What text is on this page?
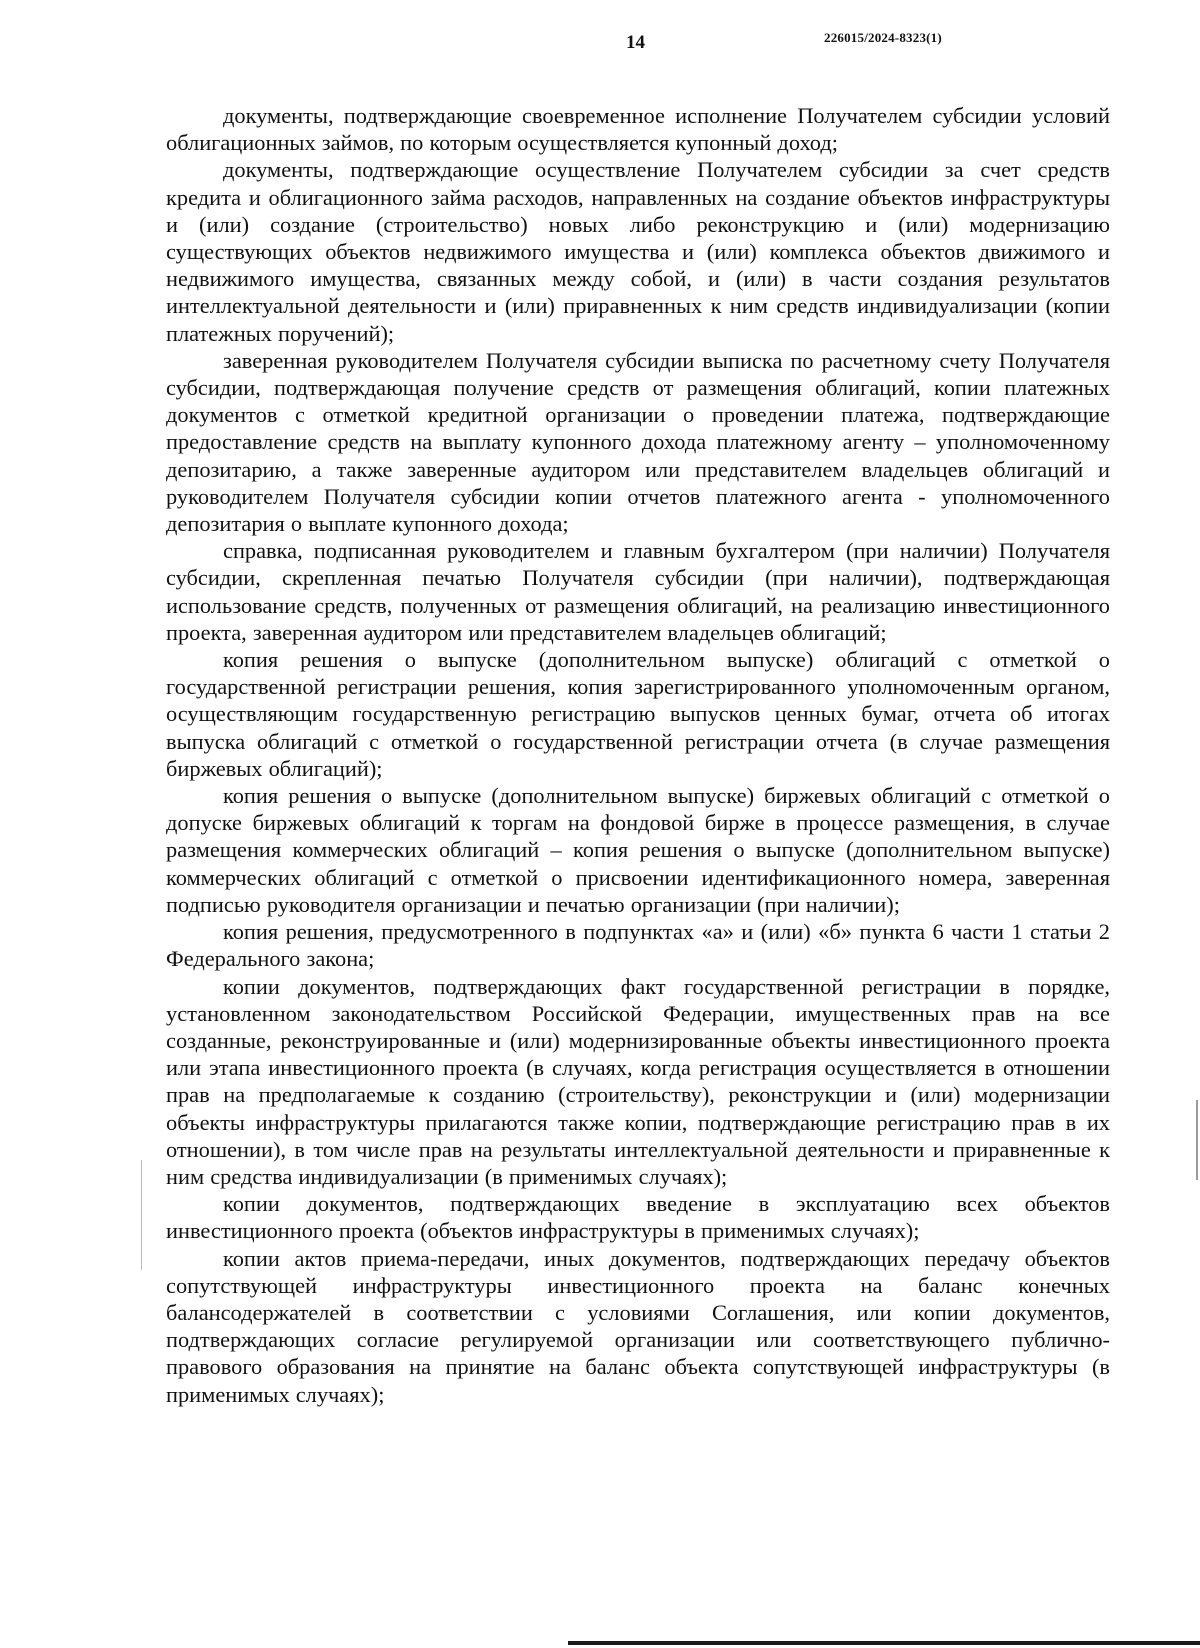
14	226015/2024-8323(1)

документы, подтверждающие своевременное исполнение Получателем субсидии условий облигационных займов, по которым осуществляется купонный доход;

документы, подтверждающие осуществление Получателем субсидии за счет средств кредита и облигационного займа расходов, направленных на создание объектов инфраструктуры и (или) создание (строительство) новых либо реконструкцию и (или) модернизацию существующих объектов недвижимого имущества и (или) комплекса объектов движимого и недвижимого имущества, связанных между собой, и (или) в части создания результатов интеллектуальной деятельности и (или) приравненных к ним средств индивидуализации (копии платежных поручений);

заверенная руководителем Получателя субсидии выписка по расчетному счету Получателя субсидии, подтверждающая получение средств от размещения облигаций, копии платежных документов с отметкой кредитной организации о проведении платежа, подтверждающие предоставление средств на выплату купонного дохода платежному агенту – уполномоченному депозитарию, а также заверенные аудитором или представителем владельцев облигаций и руководителем Получателя субсидии копии отчетов платежного агента - уполномоченного депозитария о выплате купонного дохода;

справка, подписанная руководителем и главным бухгалтером (при наличии) Получателя субсидии, скрепленная печатью Получателя субсидии (при наличии), подтверждающая использование средств, полученных от размещения облигаций, на реализацию инвестиционного проекта, заверенная аудитором или представителем владельцев облигаций;

копия решения о выпуске (дополнительном выпуске) облигаций с отметкой о государственной регистрации решения, копия зарегистрированного уполномоченным органом, осуществляющим государственную регистрацию выпусков ценных бумаг, отчета об итогах выпуска облигаций с отметкой о государственной регистрации отчета (в случае размещения биржевых облигаций);

копия решения о выпуске (дополнительном выпуске) биржевых облигаций с отметкой о допуске биржевых облигаций к торгам на фондовой бирже в процессе размещения, в случае размещения коммерческих облигаций – копия решения о выпуске (дополнительном выпуске) коммерческих облигаций с отметкой о присвоении идентификационного номера, заверенная подписью руководителя организации и печатью организации (при наличии);

копия решения, предусмотренного в подпунктах «а» и (или) «б» пункта 6 части 1 статьи 2 Федерального закона;

копии документов, подтверждающих факт государственной регистрации в порядке, установленном законодательством Российской Федерации, имущественных прав на все созданные, реконструированные и (или) модернизированные объекты инвестиционного проекта или этапа инвестиционного проекта (в случаях, когда регистрация осуществляется в отношении прав на предполагаемые к созданию (строительству), реконструкции и (или) модернизации объекты инфраструктуры прилагаются также копии, подтверждающие регистрацию прав в их отношении), в том числе прав на результаты интеллектуальной деятельности и приравненные к ним средства индивидуализации (в применимых случаях);

копии документов, подтверждающих введение в эксплуатацию всех объектов инвестиционного проекта (объектов инфраструктуры в применимых случаях);

копии актов приема-передачи, иных документов, подтверждающих передачу объектов сопутствующей инфраструктуры инвестиционного проекта на баланс конечных балансодержателей в соответствии с условиями Соглашения, или копии документов, подтверждающих согласие регулируемой организации или соответствующего публично-правового образования на принятие на баланс объекта сопутствующей инфраструктуры (в применимых случаях);
